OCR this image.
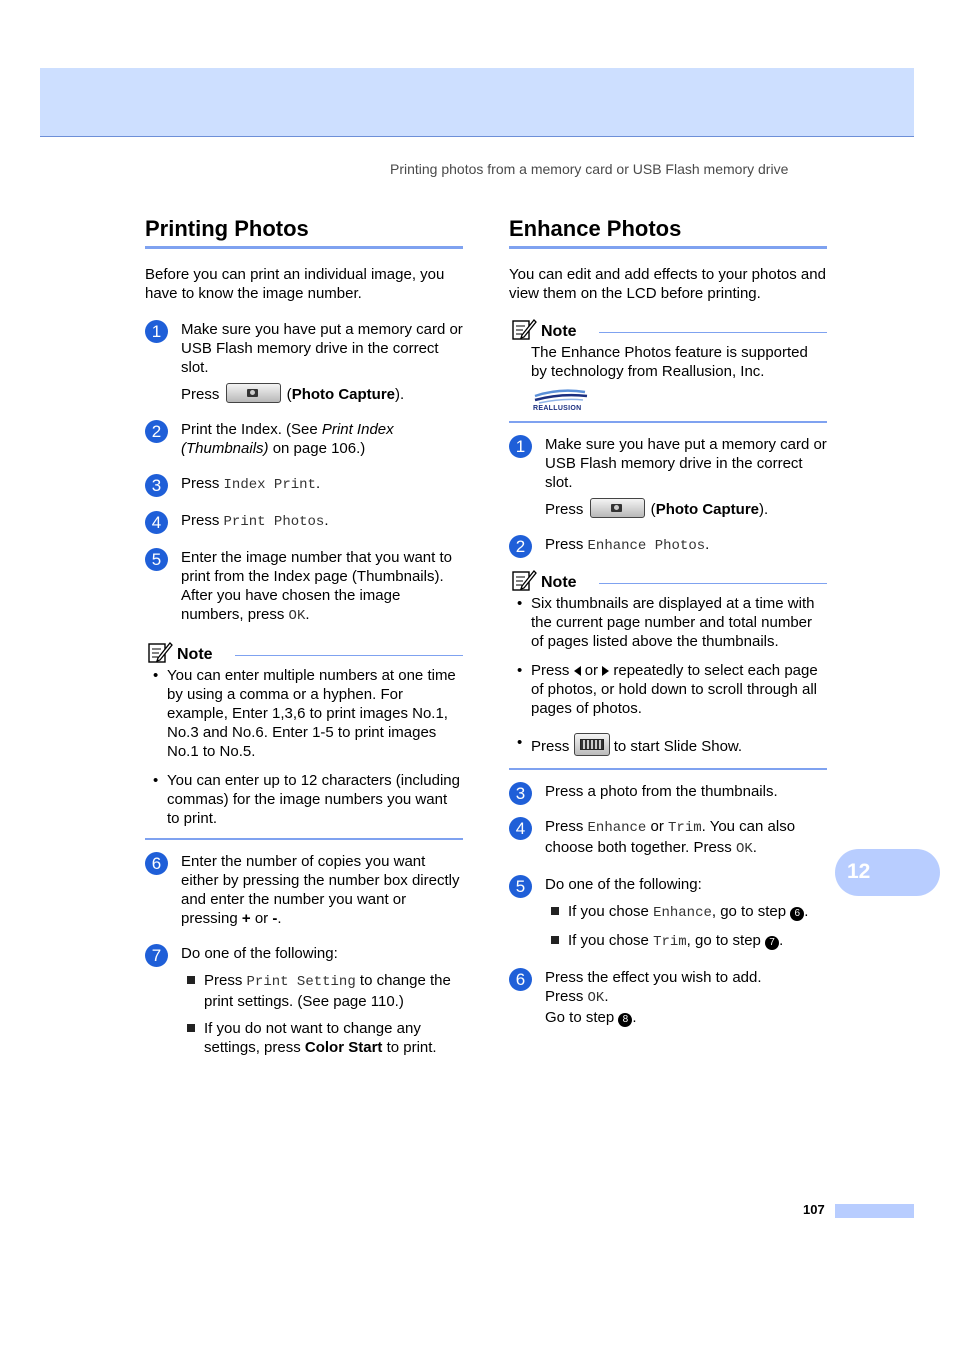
Printing photos from a memory card or USB Flash memory drive
Printing Photos

Before you can print an individual image, you have to know the image number.

1	Make sure you have put a memory card or USB Flash memory drive in the correct slot.

Press	(Photo Capture).

2	Print the Index. (See Print Index (Thumbnails) on page 106.)

3	Press Index Print.

4	Press Print Photos.

5	Enter the image number that you want to print from the Index page (Thumbnails). After you have chosen the image numbers, press OK.

Note
• You can enter multiple numbers at one time by using a comma or a hyphen. For example, Enter 1,3,6 to print images No.1, No.3 and No.6. Enter 1-5 to print images No.1 to No.5.
• You can enter up to 12 characters (including commas) for the image numbers you want to print.
6	Enter the number of copies you want either by pressing the number box directly and enter the number you want or pressing + or -.

7	Do one of the following:

Press Print Setting to change the print settings. (See page 110.)
If you do not want to change any settings, press Color Start to print.
Enhance Photos

You can edit and add effects to your photos and view them on the LCD before printing.

Note

The Enhance Photos feature is supported by technology from Reallusion, Inc.

REALLUSION
1	Make sure you have put a memory card or USB Flash memory drive in the correct slot.

Press	(Photo Capture).

2	Press Enhance Photos.

Note
• Six thumbnails are displayed at a time with the current page number and total number of pages listed above the thumbnails.
• Press or repeatedly to select each page of photos, or hold down to scroll through all pages of photos.
• Press	to start Slide Show.
3	Press a photo from the thumbnails.

4	Press Enhance or Trim. You can also choose both together. Press OK.

5	Do one of the following:

If you chose Enhance, go to step 6 .
If you chose Trim, go to step 7 .
6	Press the effect you wish to add.

Press OK.

Go to step 8 .

12
107
